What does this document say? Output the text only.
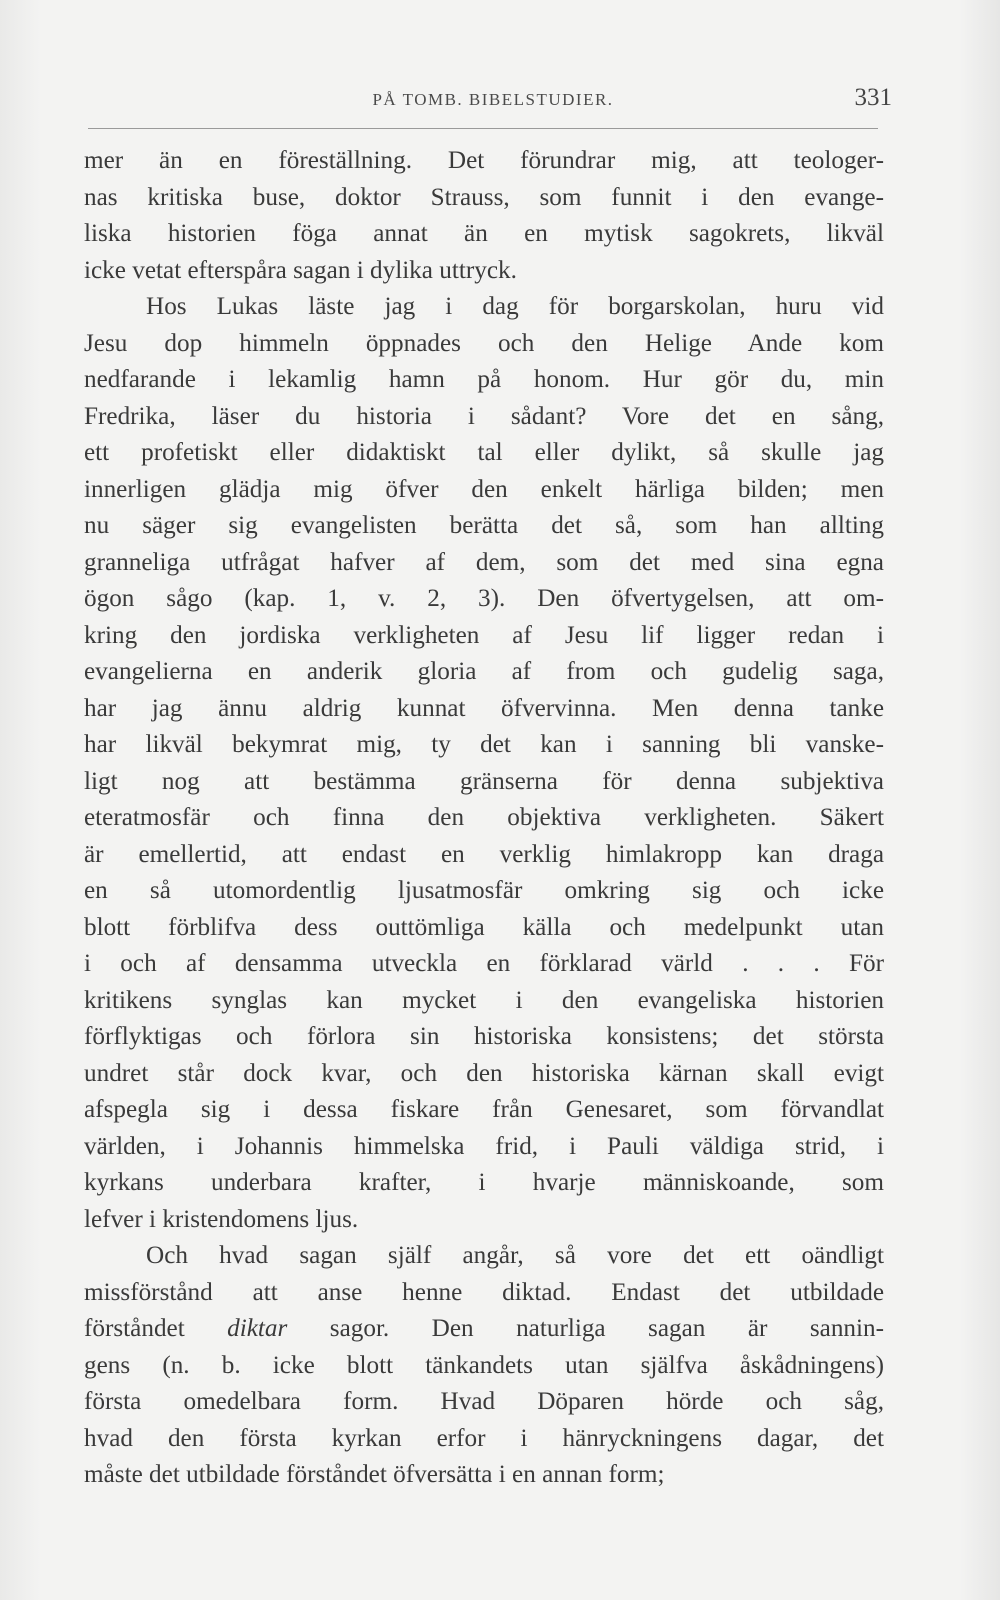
PÅ TOMB. BIBELSTUDIER.	331
mer än en föreställning. Det förundrar mig, att teologer-
nas kritiska buse, doktor Strauss, som funnit i den evange-
liska historien föga annat än en mytisk sagokrets, likväl
icke vetat efterspåra sagan i dylika uttryck.
Hos Lukas läste jag i dag för borgarskolan, huru vid
Jesu dop himmeln öppnades och den Helige Ande kom
nedfarande i lekamlig hamn på honom. Hur gör du, min
Fredrika, läser du historia i sådant? Vore det en sång,
ett profetiskt eller didaktiskt tal eller dylikt, så skulle jag
innerligen glädja mig öfver den enkelt härliga bilden; men
nu säger sig evangelisten berätta det så, som han allting
granneliga utfrågat hafver af dem, som det med sina egna
ögon sågo (kap. 1, v. 2, 3). Den öfvertygelsen, att om-
kring den jordiska verkligheten af Jesu lif ligger redan i
evangelierna en anderik gloria af from och gudelig saga,
har jag ännu aldrig kunnat öfvervinna. Men denna tanke
har likväl bekymrat mig, ty det kan i sanning bli vanske-
ligt nog att bestämma gränserna för denna subjektiva
eteratmosfär och finna den objektiva verkligheten. Säkert
är emellertid, att endast en verklig himlakropp kan draga
en så utomordentlig ljusatmosfär omkring sig och icke
blott förblifva dess outtömliga källa och medelpunkt utan
i och af densamma utveckla en förklarad värld . . . För
kritikens synglas kan mycket i den evangeliska historien
förflyktigas och förlora sin historiska konsistens; det största
undret står dock kvar, och den historiska kärnan skall evigt
afspegla sig i dessa fiskare från Genesaret, som förvandlat
världen, i Johannis himmelska frid, i Pauli väldiga strid, i
kyrkans underbara krafter, i hvarje människoande, som
lefver i kristendomens ljus.
Och hvad sagan själf angår, så vore det ett oändligt
missförstånd att anse henne diktad. Endast det utbildade
förståndet diktar sagor. Den naturliga sagan är sannin-
gens (n. b. icke blott tänkandets utan själfva åskådningens)
första omedelbara form. Hvad Döparen hörde och såg,
hvad den första kyrkan erfor i hänryckningens dagar, det
måste det utbildade förståndet öfversätta i en annan form;
